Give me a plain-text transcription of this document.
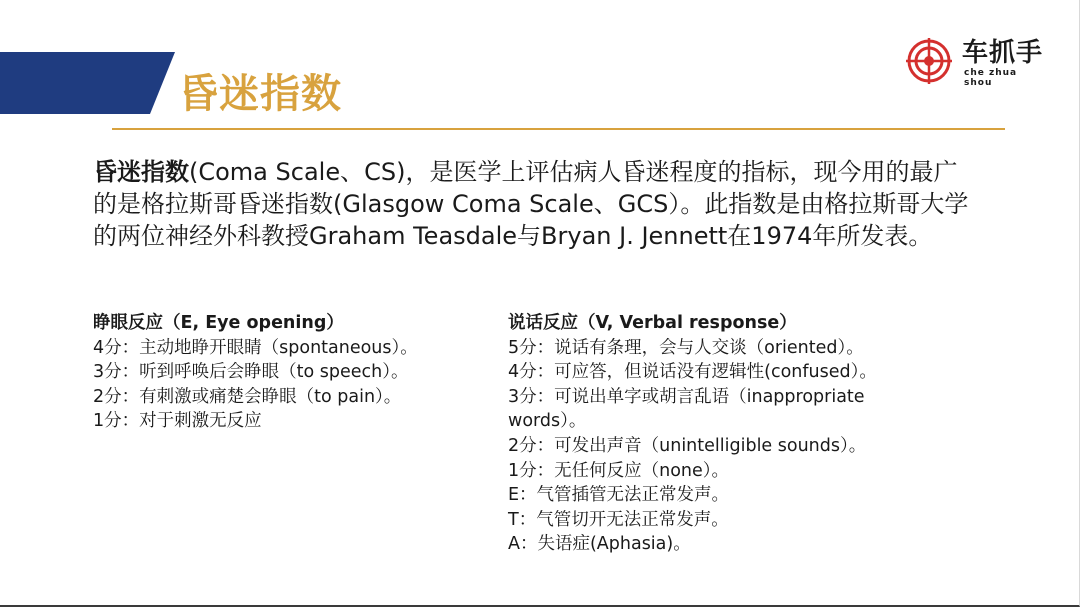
昏迷指数
车抓手
che zhua shou

昏迷指数(Coma Scale、CS)，是医学上评估病人昏迷程度的指标，现今用的最广的是格拉斯哥昏迷指数(Glasgow Coma Scale、GCS）。此指数是由格拉斯哥大学的两位神经外科教授Graham Teasdale与Bryan J. Jennett在1974年所发表。

睁眼反应（E, Eye opening）
4分：主动地睁开眼睛（spontaneous）。
3分：听到呼唤后会睁眼（to speech）。
2分：有刺激或痛楚会睁眼（to pain）。
1分：对于刺激无反应
说话反应（V, Verbal response）
5分：说话有条理，会与人交谈（oriented）。
4分：可应答，但说话没有逻辑性(confused）。
3分：可说出单字或胡言乱语（inappropriate words）。
2分：可发出声音（unintelligible sounds）。
1分：无任何反应（none）。
E：气管插管无法正常发声。
T：气管切开无法正常发声。
A：失语症(Aphasia)。
